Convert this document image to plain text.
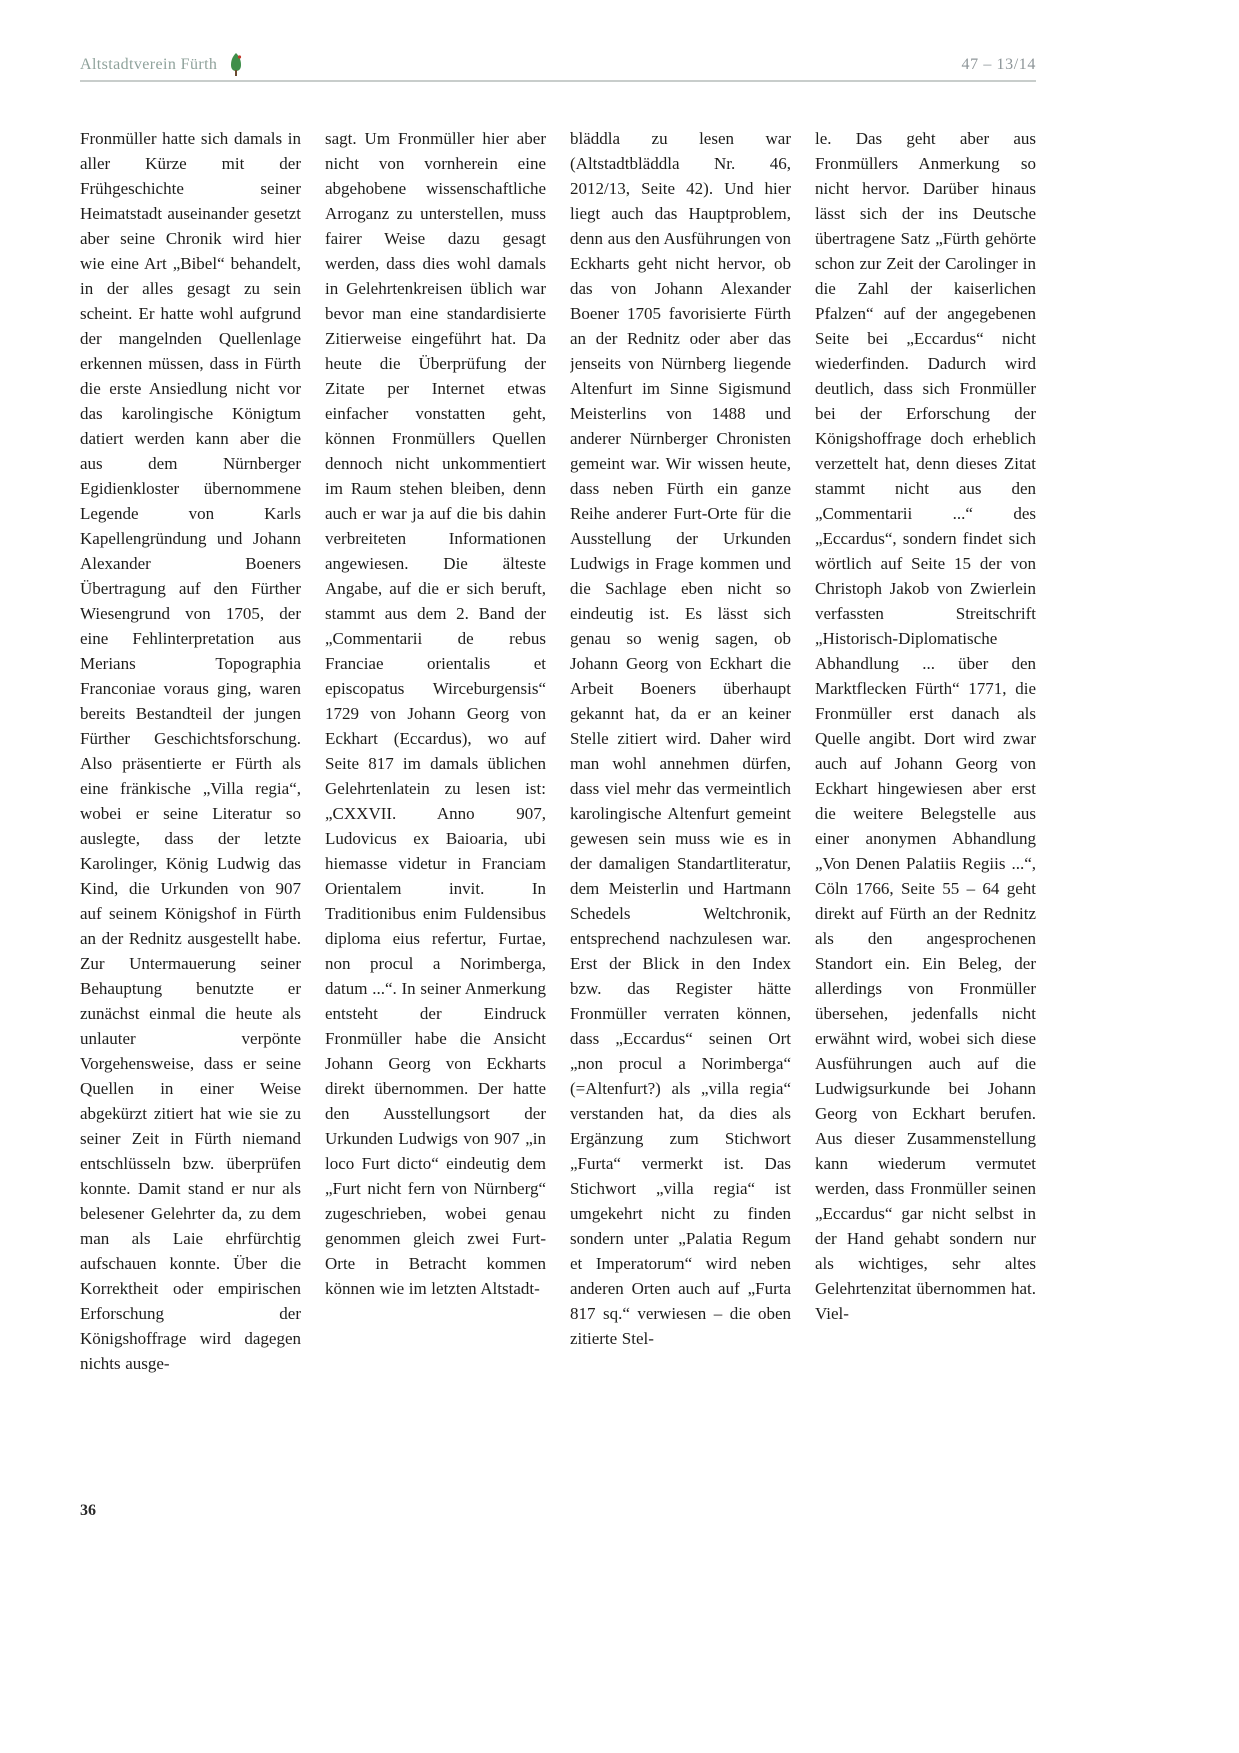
Altstadtverein Fürth	47 – 13/14
Fronmüller hatte sich damals in aller Kürze mit der Frühgeschichte seiner Heimatstadt auseinander gesetzt aber seine Chronik wird hier wie eine Art „Bibel“ behandelt, in der alles gesagt zu sein scheint. Er hatte wohl aufgrund der mangelnden Quellenlage erkennen müssen, dass in Fürth die erste Ansiedlung nicht vor das karolingische Königtum datiert werden kann aber die aus dem Nürnberger Egidienkloster übernommene Legende von Karls Kapellengründung und Johann Alexander Boeners Übertragung auf den Fürther Wiesengrund von 1705, der eine Fehlinterpretation aus Merians Topographia Franconiae voraus ging, waren bereits Bestandteil der jungen Fürther Geschichtsforschung. Also präsentierte er Fürth als eine fränkische „Villa regia“, wobei er seine Literatur so auslegte, dass der letzte Karolinger, König Ludwig das Kind, die Urkunden von 907 auf seinem Königshof in Fürth an der Rednitz ausgestellt habe. Zur Untermauerung seiner Behauptung benutzte er zunächst einmal die heute als unlauter verpönte Vorgehensweise, dass er seine Quellen in einer Weise abgekürzt zitiert hat wie sie zu seiner Zeit in Fürth niemand entschlüsseln bzw. überprüfen konnte. Damit stand er nur als belesener Gelehrter da, zu dem man als Laie ehrfürchtig aufschauen konnte. Über die Korrektheit oder empirischen Erforschung der Königshoffrage wird dagegen nichts ausge-
sagt. Um Fronmüller hier aber nicht von vornherein eine abgehobene wissenschaftliche Arroganz zu unterstellen, muss fairer Weise dazu gesagt werden, dass dies wohl damals in Gelehrtenkreisen üblich war bevor man eine standardisierte Zitierweise eingeführt hat. Da heute die Überprüfung der Zitate per Internet etwas einfacher vonstatten geht, können Fronmüllers Quellen dennoch nicht unkommentiert im Raum stehen bleiben, denn auch er war ja auf die bis dahin verbreiteten Informationen angewiesen. Die älteste Angabe, auf die er sich beruft, stammt aus dem 2. Band der „Commentarii de rebus Franciae orientalis et episcopatus Wirceburgensis“ 1729 von Johann Georg von Eckhart (Eccardus), wo auf Seite 817 im damals üblichen Gelehrtenlatein zu lesen ist: „CXXVII. Anno 907, Ludovicus ex Baioaria, ubi hiemasse videtur in Franciam Orientalem invit. In Traditionibus enim Fuldensibus diploma eius refertur, Furtae, non procul a Norimberga, datum ...“. In seiner Anmerkung entsteht der Eindruck Fronmüller habe die Ansicht Johann Georg von Eckharts direkt übernommen. Der hatte den Ausstellungsort der Urkunden Ludwigs von 907 „in loco Furt dicto“ eindeutig dem „Furt nicht fern von Nürnberg“ zugeschrieben, wobei genau genommen gleich zwei Furt-Orte in Betracht kommen können wie im letzten Altstadt-
bläddla zu lesen war (Altstadtbläddla Nr. 46, 2012/13, Seite 42). Und hier liegt auch das Hauptproblem, denn aus den Ausführungen von Eckharts geht nicht hervor, ob das von Johann Alexander Boener 1705 favorisierte Fürth an der Rednitz oder aber das jenseits von Nürnberg liegende Altenfurt im Sinne Sigismund Meisterlins von 1488 und anderer Nürnberger Chronisten gemeint war. Wir wissen heute, dass neben Fürth ein ganze Reihe anderer Furt-Orte für die Ausstellung der Urkunden Ludwigs in Frage kommen und die Sachlage eben nicht so eindeutig ist. Es lässt sich genau so wenig sagen, ob Johann Georg von Eckhart die Arbeit Boeners überhaupt gekannt hat, da er an keiner Stelle zitiert wird. Daher wird man wohl annehmen dürfen, dass viel mehr das vermeintlich karolingische Altenfurt gemeint gewesen sein muss wie es in der damaligen Standartliteratur, dem Meisterlin und Hartmann Schedels Weltchronik, entsprechend nachzulesen war. Erst der Blick in den Index bzw. das Register hätte Fronmüller verraten können, dass „Eccardus“ seinen Ort „non procul a Norimberga“ (=Altenfurt?) als „villa regia“ verstanden hat, da dies als Ergänzung zum Stichwort „Furta“ vermerkt ist. Das Stichwort „villa regia“ ist umgekehrt nicht zu finden sondern unter „Palatia Regum et Imperatorum“ wird neben anderen Orten auch auf „Furta 817 sq.“ verwiesen – die oben zitierte Stel-
le. Das geht aber aus Fronmüllers Anmerkung so nicht hervor. Darüber hinaus lässt sich der ins Deutsche übertragene Satz „Fürth gehörte schon zur Zeit der Carolinger in die Zahl der kaiserlichen Pfalzen“ auf der angegebenen Seite bei „Eccardus“ nicht wiederfinden. Dadurch wird deutlich, dass sich Fronmüller bei der Erforschung der Königshoffrage doch erheblich verzettelt hat, denn dieses Zitat stammt nicht aus den „Commentarii ...“ des „Eccardus“, sondern findet sich wörtlich auf Seite 15 der von Christoph Jakob von Zwierlein verfassten Streitschrift „Historisch-Diplomatische Abhandlung ... über den Marktflecken Fürth“ 1771, die Fronmüller erst danach als Quelle angibt. Dort wird zwar auch auf Johann Georg von Eckhart hingewiesen aber erst die weitere Belegstelle aus einer anonymen Abhandlung „Von Denen Palatiis Regiis ...“, Cöln 1766, Seite 55 – 64 geht direkt auf Fürth an der Rednitz als den angesprochenen Standort ein. Ein Beleg, der allerdings von Fronmüller übersehen, jedenfalls nicht erwähnt wird, wobei sich diese Ausführungen auch auf die Ludwigsurkunde bei Johann Georg von Eckhart berufen. Aus dieser Zusammenstellung kann wiederum vermutet werden, dass Fronmüller seinen „Eccardus“ gar nicht selbst in der Hand gehabt sondern nur als wichtiges, sehr altes Gelehrtenzitat übernommen hat. Viel-
36
